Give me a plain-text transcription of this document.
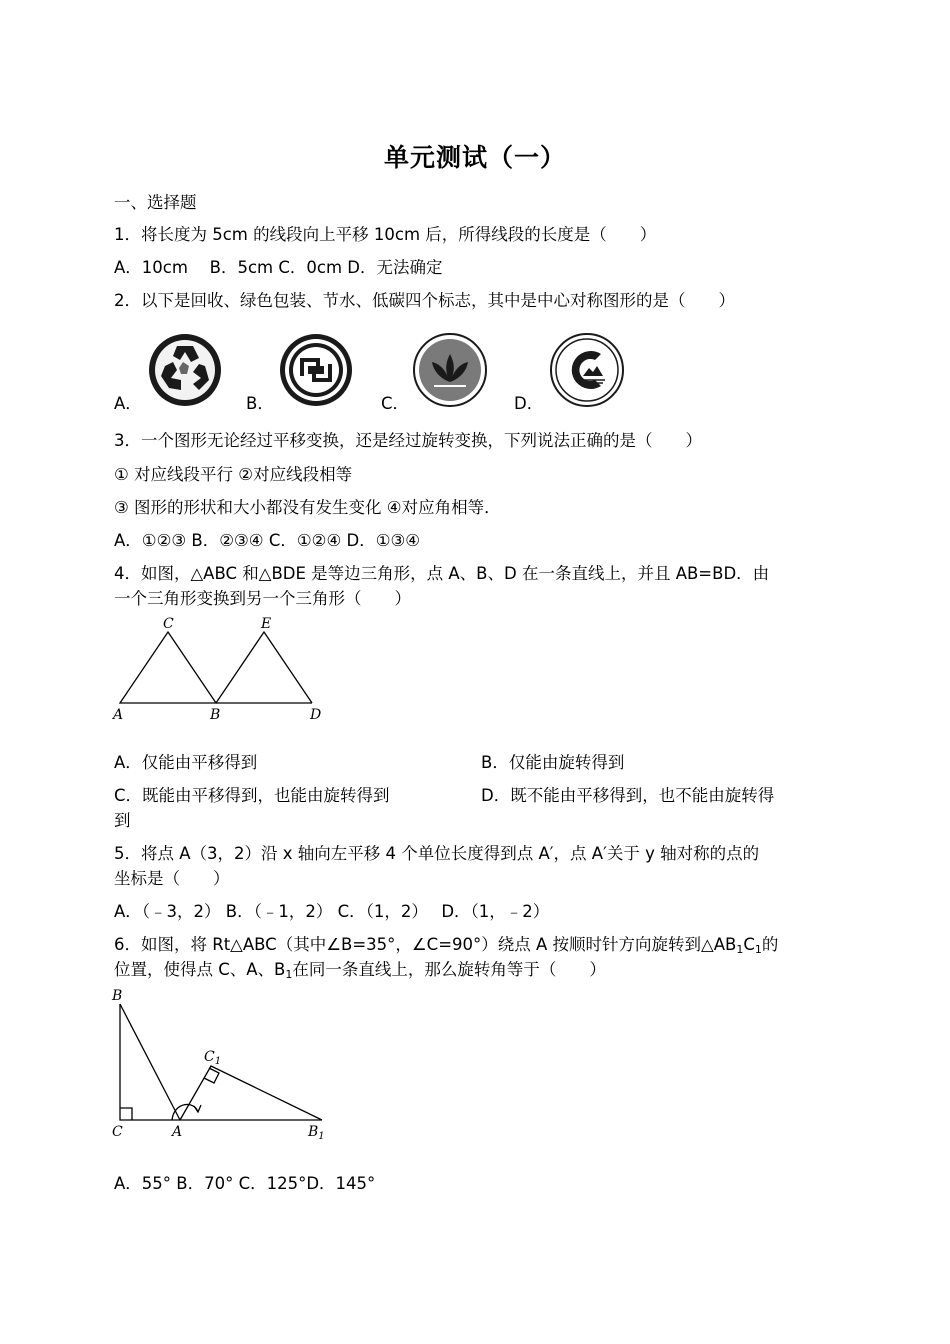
单元测试（一）
一、选择题
1．将长度为 5cm 的线段向上平移 10cm 后，所得线段的长度是（　　）
A．10cm　 B．5cm C．0cm D．无法确定
2．以下是回收、绿色包装、节水、低碳四个标志，其中是中心对称图形的是（　　）
A．	B．	C．	D．
3．一个图形无论经过平移变换，还是经过旋转变换，下列说法正确的是（　　）
① 对应线段平行 ②对应线段相等
③ 图形的形状和大小都没有发生变化 ④对应角相等．
A．①②③ B．②③④ C．①②④ D．①③④
4．如图，△ABC 和△BDE 是等边三角形，点 A、B、D 在一条直线上，并且 AB=BD．由
一个三角形变换到另一个三角形（　　）
C	E
A	B	D
A．仅能由平移得到	B．仅能由旋转得到
C．既能由平移得到，也能由旋转得到	D．既不能由平移得到，也不能由旋转得
到
5．将点 A（3，2）沿 x 轴向左平移 4 个单位长度得到点 A′，点 A′关于 y 轴对称的点的
坐标是（　　）
A．（﹣3，2） B．（﹣1，2） C．（1，2）　 D．（1，﹣2）
6．如图，将 Rt△ABC（其中∠B=35°，∠C=90°）绕点 A 按顺时针方向旋转到$\triangle AB_1C_1$的
位置，使得点 C、A、$B_1$在同一条直线上，那么旋转角等于（　　）
B
$C_1$
C	A	$B_1$
A．55° B．70° C．125°D．145°
